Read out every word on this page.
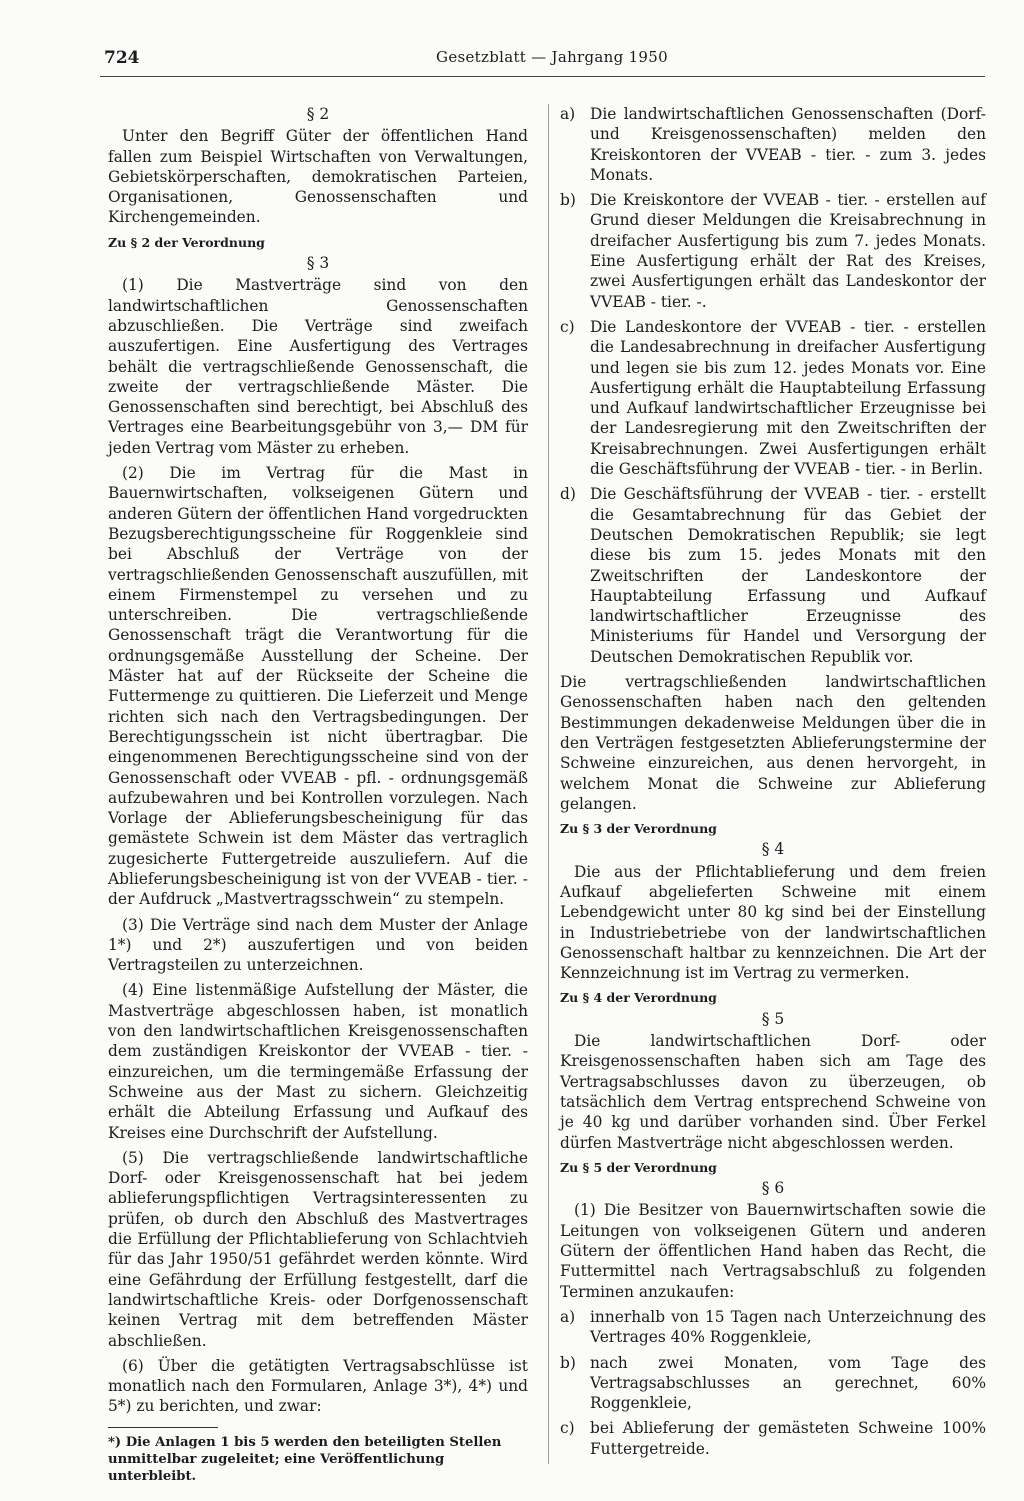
724	Gesetzblatt — Jahrgang 1950

§ 2

Unter den Begriff Güter der öffentlichen Hand fallen zum Beispiel Wirtschaften von Verwaltungen, Gebietskörperschaften, demokratischen Parteien, Organisationen, Genossenschaften und Kirchengemeinden.

Zu § 2 der Verordnung

§ 3

(1) Die Mastverträge sind von den landwirtschaftlichen Genossenschaften abzuschließen. Die Verträge sind zweifach auszufertigen. Eine Ausfertigung des Vertrages behält die vertragschließende Genossenschaft, die zweite der vertragschließende Mäster. Die Genossenschaften sind berechtigt, bei Abschluß des Vertrages eine Bearbeitungsgebühr von 3,— DM für jeden Vertrag vom Mäster zu erheben.

(2) Die im Vertrag für die Mast in Bauernwirtschaften, volkseigenen Gütern und anderen Gütern der öffentlichen Hand vorgedruckten Bezugsberechtigungsscheine für Roggenkleie sind bei Abschluß der Verträge von der vertragschließenden Genossenschaft auszufüllen, mit einem Firmenstempel zu versehen und zu unterschreiben. Die vertragschließende Genossenschaft trägt die Verantwortung für die ordnungsgemäße Ausstellung der Scheine. Der Mäster hat auf der Rückseite der Scheine die Futtermenge zu quittieren. Die Lieferzeit und Menge richten sich nach den Vertragsbedingungen. Der Berechtigungsschein ist nicht übertragbar. Die eingenommenen Berechtigungsscheine sind von der Genossenschaft oder VVEAB - pfl. - ordnungsgemäß aufzubewahren und bei Kontrollen vorzulegen. Nach Vorlage der Ablieferungsbescheinigung für das gemästete Schwein ist dem Mäster das vertraglich zugesicherte Futtergetreide auszuliefern. Auf die Ablieferungsbescheinigung ist von der VVEAB - tier. - der Aufdruck „Mastvertragsschwein“ zu stempeln.

(3) Die Verträge sind nach dem Muster der Anlage 1*) und 2*) auszufertigen und von beiden Vertragsteilen zu unterzeichnen.

(4) Eine listenmäßige Aufstellung der Mäster, die Mastverträge abgeschlossen haben, ist monatlich von den landwirtschaftlichen Kreisgenossenschaften dem zuständigen Kreiskontor der VVEAB - tier. - einzureichen, um die termingemäße Erfassung der Schweine aus der Mast zu sichern. Gleichzeitig erhält die Abteilung Erfassung und Aufkauf des Kreises eine Durchschrift der Aufstellung.

(5) Die vertragschließende landwirtschaftliche Dorf- oder Kreisgenossenschaft hat bei jedem ablieferungspflichtigen Vertragsinteressenten zu prüfen, ob durch den Abschluß des Mastvertrages die Erfüllung der Pflichtablieferung von Schlachtvieh für das Jahr 1950/51 gefährdet werden könnte. Wird eine Gefährdung der Erfüllung festgestellt, darf die landwirtschaftliche Kreis- oder Dorfgenossenschaft keinen Vertrag mit dem betreffenden Mäster abschließen.

(6) Über die getätigten Vertragsabschlüsse ist monatlich nach den Formularen, Anlage 3*), 4*) und 5*) zu berichten, und zwar:

*) Die Anlagen 1 bis 5 werden den beteiligten Stellen unmittelbar zugeleitet; eine Veröffentlichung unterbleibt.

a) Die landwirtschaftlichen Genossenschaften (Dorf- und Kreisgenossenschaften) melden den Kreiskontoren der VVEAB - tier. - zum 3. jedes Monats.
b) Die Kreiskontore der VVEAB - tier. - erstellen auf Grund dieser Meldungen die Kreisabrechnung in dreifacher Ausfertigung bis zum 7. jedes Monats. Eine Ausfertigung erhält der Rat des Kreises, zwei Ausfertigungen erhält das Landeskontor der VVEAB - tier. -.
c) Die Landeskontore der VVEAB - tier. - erstellen die Landesabrechnung in dreifacher Ausfertigung und legen sie bis zum 12. jedes Monats vor. Eine Ausfertigung erhält die Hauptabteilung Erfassung und Aufkauf landwirtschaftlicher Erzeugnisse bei der Landesregierung mit den Zweitschriften der Kreisabrechnungen. Zwei Ausfertigungen erhält die Geschäftsführung der VVEAB - tier. - in Berlin.
d) Die Geschäftsführung der VVEAB - tier. - erstellt die Gesamtabrechnung für das Gebiet der Deutschen Demokratischen Republik; sie legt diese bis zum 15. jedes Monats mit den Zweitschriften der Landeskontore der Hauptabteilung Erfassung und Aufkauf landwirtschaftlicher Erzeugnisse des Ministeriums für Handel und Versorgung der Deutschen Demokratischen Republik vor.

Die vertragschließenden landwirtschaftlichen Genossenschaften haben nach den geltenden Bestimmungen dekadenweise Meldungen über die in den Verträgen festgesetzten Ablieferungstermine der Schweine einzureichen, aus denen hervorgeht, in welchem Monat die Schweine zur Ablieferung gelangen.

Zu § 3 der Verordnung

§ 4

Die aus der Pflichtablieferung und dem freien Aufkauf abgelieferten Schweine mit einem Lebendgewicht unter 80 kg sind bei der Einstellung in Industriebetriebe von der landwirtschaftlichen Genossenschaft haltbar zu kennzeichnen. Die Art der Kennzeichnung ist im Vertrag zu vermerken.

Zu § 4 der Verordnung

§ 5

Die landwirtschaftlichen Dorf- oder Kreisgenossenschaften haben sich am Tage des Vertragsabschlusses davon zu überzeugen, ob tatsächlich dem Vertrag entsprechend Schweine von je 40 kg und darüber vorhanden sind. Über Ferkel dürfen Mastverträge nicht abgeschlossen werden.

Zu § 5 der Verordnung

§ 6

(1) Die Besitzer von Bauernwirtschaften sowie die Leitungen von volkseigenen Gütern und anderen Gütern der öffentlichen Hand haben das Recht, die Futtermittel nach Vertragsabschluß zu folgenden Terminen anzukaufen:

a) innerhalb von 15 Tagen nach Unterzeichnung des Vertrages 40% Roggenkleie,
b) nach zwei Monaten, vom Tage des Vertragsabschlusses an gerechnet, 60% Roggenkleie,
c) bei Ablieferung der gemästeten Schweine 100% Futtergetreide.
